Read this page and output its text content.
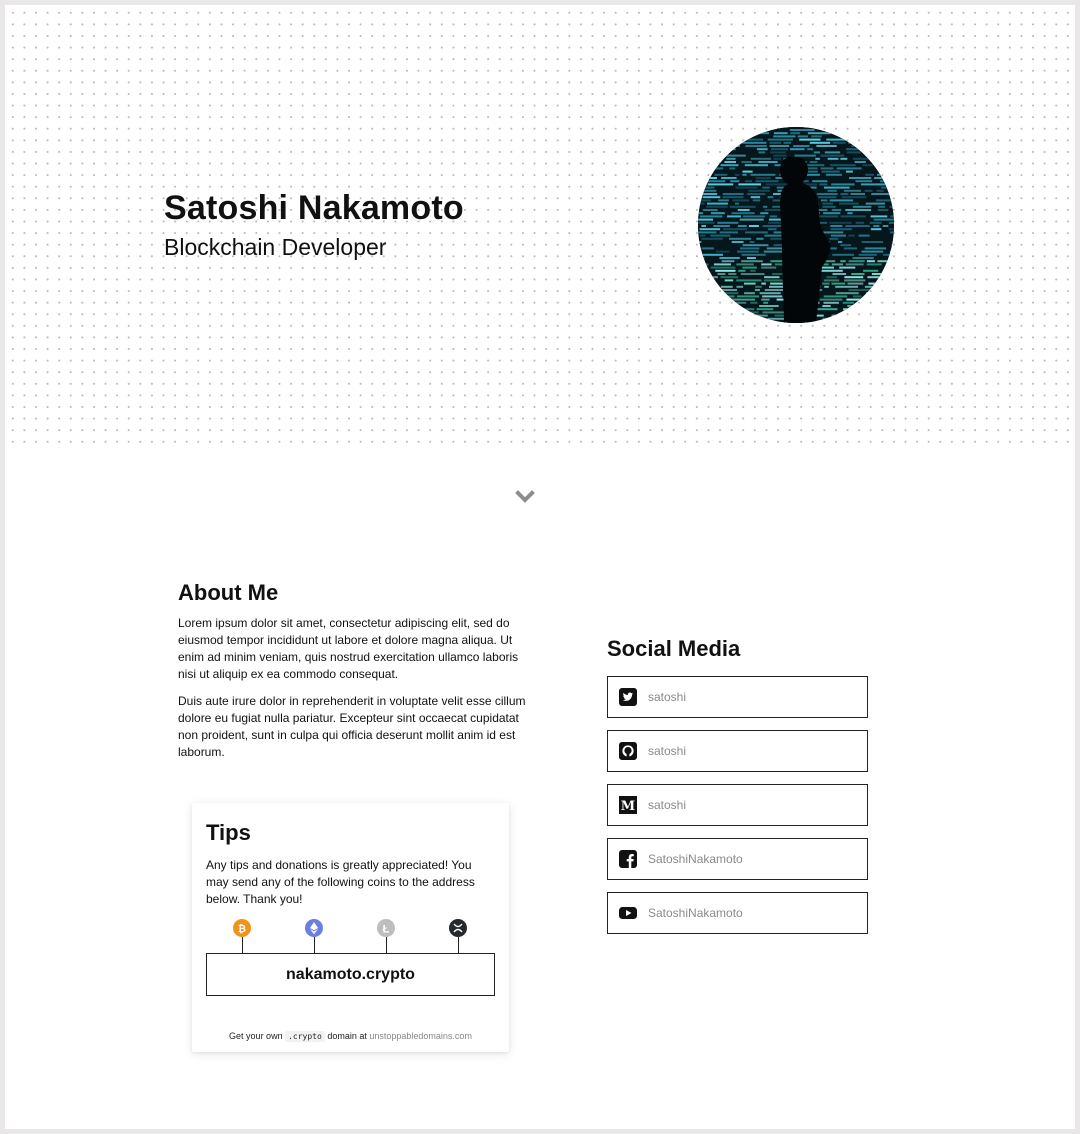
Satoshi Nakamoto
Blockchain Developer
About Me

Lorem ipsum dolor sit amet, consectetur adipiscing elit, sed do eiusmod tempor incididunt ut labore et dolore magna aliqua. Ut enim ad minim veniam, quis nostrud exercitation ullamco laboris nisi ut aliquip ex ea commodo consequat.

Duis aute irure dolor in reprehenderit in voluptate velit esse cillum dolore eu fugiat nulla pariatur. Excepteur sint occaecat cupidatat non proident, sunt in culpa qui officia deserunt mollit anim id est laborum.

Tips

Any tips and donations is greatly appreciated! You may send any of the following coins to the address below. Thank you!

₿	Ł
nakamoto.crypto
Get your own .crypto domain at unstoppabledomains.com
Social Media
satoshi
satoshi
M satoshi
SatoshiNakamoto
SatoshiNakamoto
